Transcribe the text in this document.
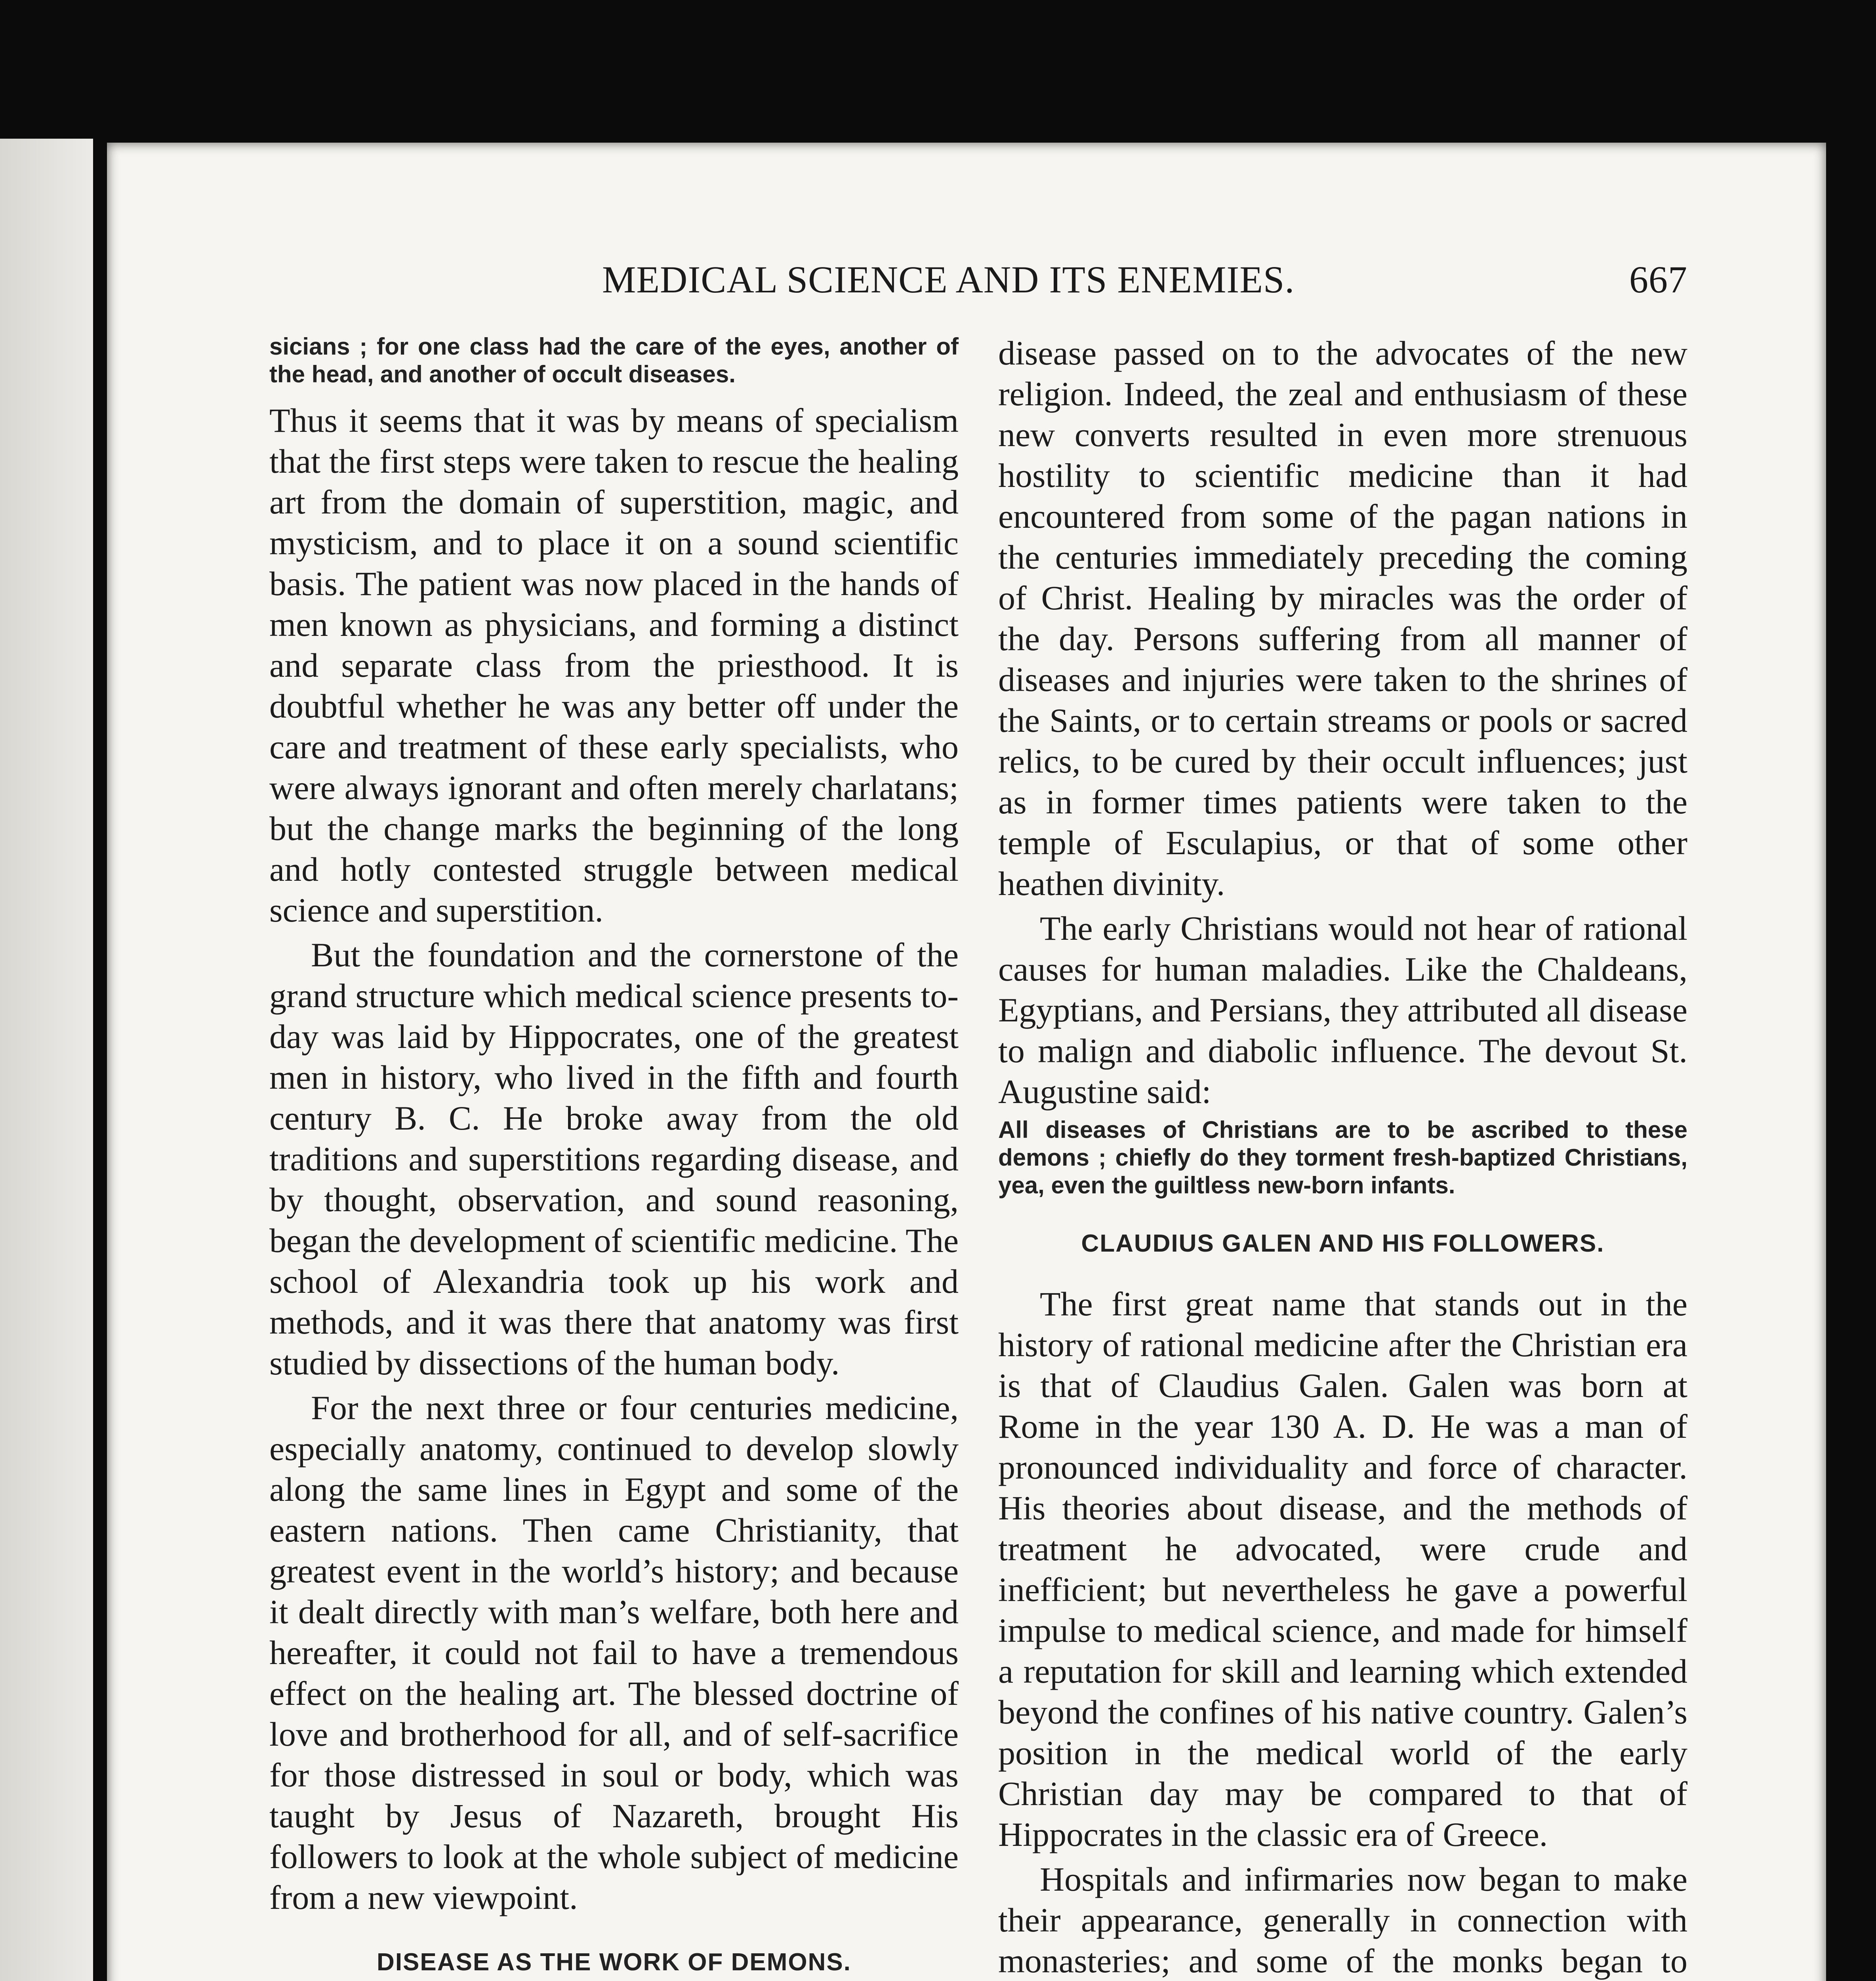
MEDICAL SCIENCE AND ITS ENEMIES.	667

sicians ; for one class had the care of the eyes, another of the head, and another of occult diseases.

Thus it seems that it was by means of specialism that the first steps were taken to rescue the healing art from the domain of superstition, magic, and mysticism, and to place it on a sound scientific basis. The patient was now placed in the hands of men known as physicians, and forming a distinct and separate class from the priesthood. It is doubtful whether he was any better off under the care and treatment of these early specialists, who were always ignorant and often merely charlatans; but the change marks the beginning of the long and hotly contested struggle between medical science and superstition.

But the foundation and the cornerstone of the grand structure which medical science presents to-day was laid by Hippocrates, one of the greatest men in history, who lived in the fifth and fourth century B. C. He broke away from the old traditions and superstitions regarding disease, and by thought, observation, and sound reasoning, began the development of scientific medicine. The school of Alexandria took up his work and methods, and it was there that anatomy was first studied by dissections of the human body.

For the next three or four centuries medicine, especially anatomy, continued to develop slowly along the same lines in Egypt and some of the eastern nations. Then came Christianity, that greatest event in the world’s history; and because it dealt directly with man’s welfare, both here and hereafter, it could not fail to have a tremendous effect on the healing art. The blessed doctrine of love and brotherhood for all, and of self-sacrifice for those distressed in soul or body, which was taught by Jesus of Nazareth, brought His followers to look at the whole subject of medicine from a new viewpoint.

DISEASE AS THE WORK OF DEMONS.

disease passed on to the advocates of the new religion. Indeed, the zeal and enthusiasm of these new converts resulted in even more strenuous hostility to scientific medicine than it had encountered from some of the pagan nations in the centuries immediately preceding the coming of Christ. Healing by miracles was the order of the day. Persons suffering from all manner of diseases and injuries were taken to the shrines of the Saints, or to certain streams or pools or sacred relics, to be cured by their occult influences; just as in former times patients were taken to the temple of Esculapius, or that of some other heathen divinity.

The early Christians would not hear of rational causes for human maladies. Like the Chaldeans, Egyptians, and Persians, they attributed all disease to malign and diabolic influence. The devout St. Augustine said:

All diseases of Christians are to be ascribed to these demons ; chiefly do they torment fresh-baptized Christians, yea, even the guiltless new-born infants.

CLAUDIUS GALEN AND HIS FOLLOWERS.

The first great name that stands out in the history of rational medicine after the Christian era is that of Claudius Galen. Galen was born at Rome in the year 130 A. D. He was a man of pronounced individuality and force of character. His theories about disease, and the methods of treatment he advocated, were crude and inefficient; but nevertheless he gave a powerful impulse to medical science, and made for himself a reputation for skill and learning which extended beyond the confines of his native country. Galen’s position in the medical world of the early Christian day may be compared to that of Hippocrates in the classic era of Greece.

Hospitals and infirmaries now began to make their appearance, generally in connection with monasteries; and some of the monks began to
